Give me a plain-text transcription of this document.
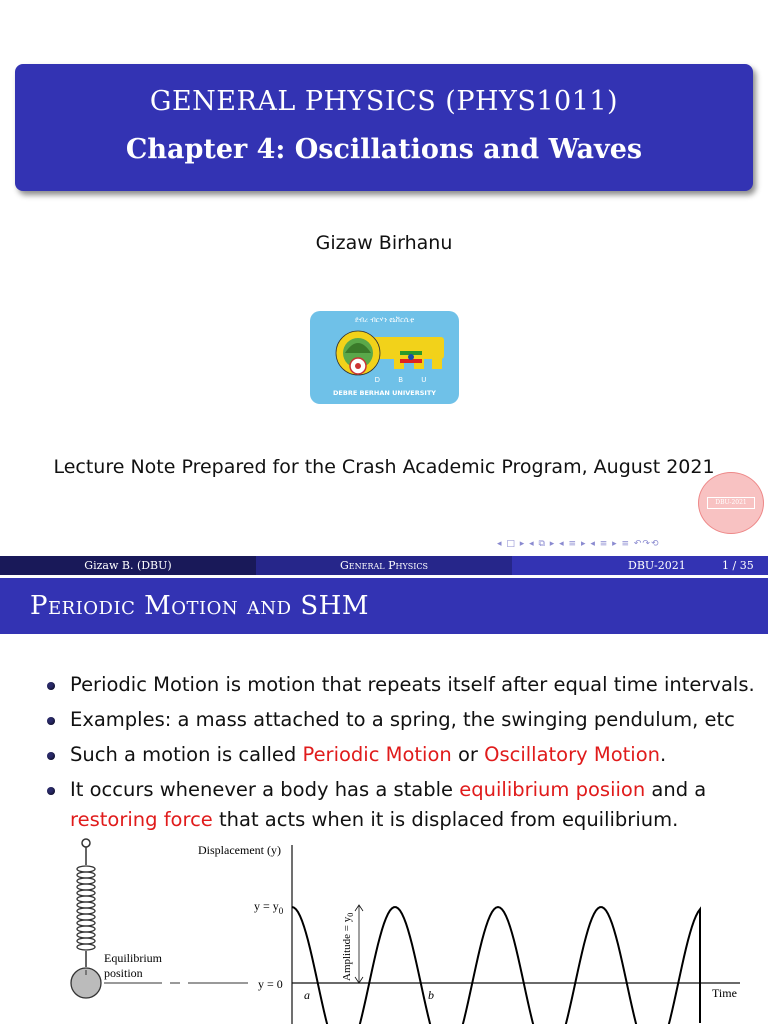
GENERAL PHYSICS (PHYS1011)
Chapter 4: Oscillations and Waves
Gizaw Birhanu
ደብረ ብርሃን ዩኒቨርሲቲ
D B U
DEBRE BERHAN UNIVERSITY
Lecture Note Prepared for the Crash Academic Program, August 2021
DBU-2021
◂ □ ▸ ◂ ⧉ ▸ ◂ ≡ ▸ ◂ ≡ ▸ ≡ ↶↷⟲
Gizaw B. (DBU)	General Physics	DBU-2021	1 / 35
Periodic Motion and SHM
Periodic Motion is motion that repeats itself after equal time intervals.
Examples: a mass attached to a spring, the swinging pendulum, etc
Such a motion is called Periodic Motion or Oscillatory Motion.
It occurs whenever a body has a stable equilibrium posiion and a
restoring force that acts when it is displaced from equilibrium.
Equilibrium
position
Displacement (y)
Time
$y = y_0$
y = 0
a	b
Amplitude = $y_0$
